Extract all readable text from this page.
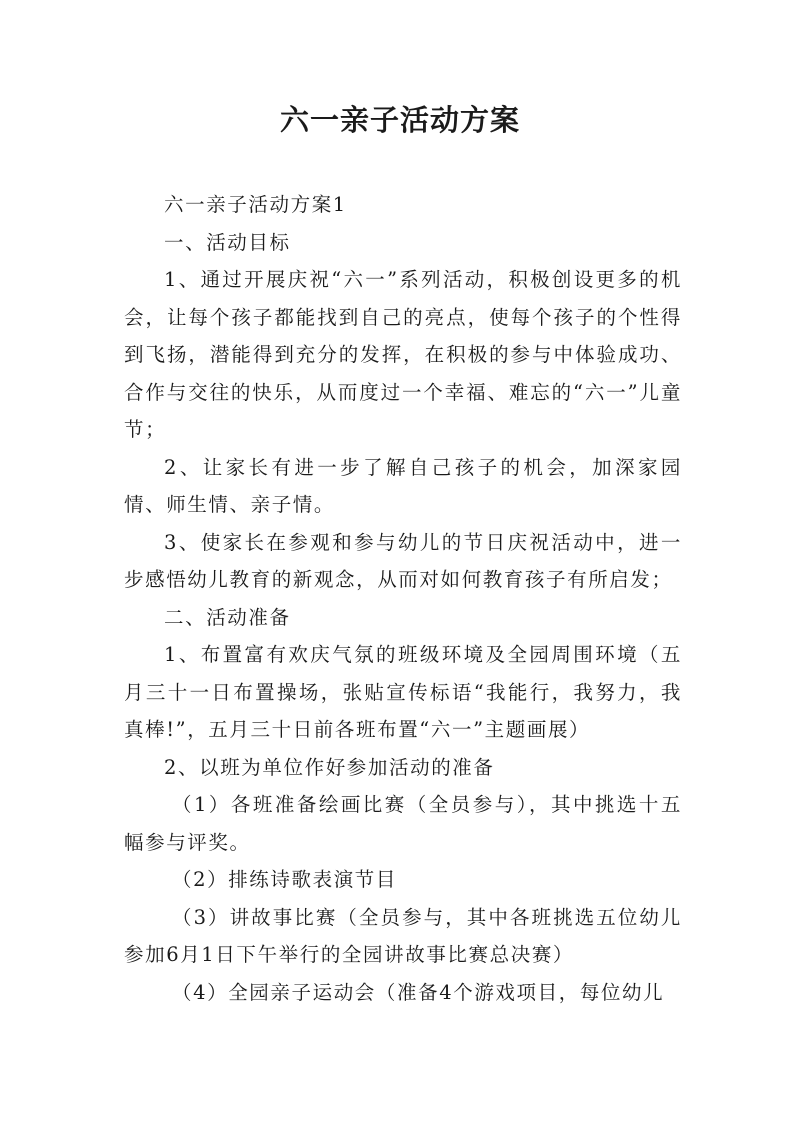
六一亲子活动方案

六一亲子活动方案1

一、活动目标

1、通过开展庆祝“六一”系列活动，积极创设更多的机会，让每个孩子都能找到自己的亮点，使每个孩子的个性得到飞扬，潜能得到充分的发挥，在积极的参与中体验成功、合作与交往的快乐，从而度过一个幸福、难忘的“六一”儿童节；

2、让家长有进一步了解自己孩子的机会，加深家园情、师生情、亲子情。

3、使家长在参观和参与幼儿的节日庆祝活动中，进一步感悟幼儿教育的新观念，从而对如何教育孩子有所启发；

二、活动准备

1、布置富有欢庆气氛的班级环境及全园周围环境（五月三十一日布置操场，张贴宣传标语“我能行，我努力，我真棒!”，五月三十日前各班布置“六一”主题画展）

2、以班为单位作好参加活动的准备

（1）各班准备绘画比赛（全员参与），其中挑选十五幅参与评奖。

（2）排练诗歌表演节目

（3）讲故事比赛（全员参与，其中各班挑选五位幼儿参加6月1日下午举行的全园讲故事比赛总决赛）

（4）全园亲子运动会（准备4个游戏项目，每位幼儿
